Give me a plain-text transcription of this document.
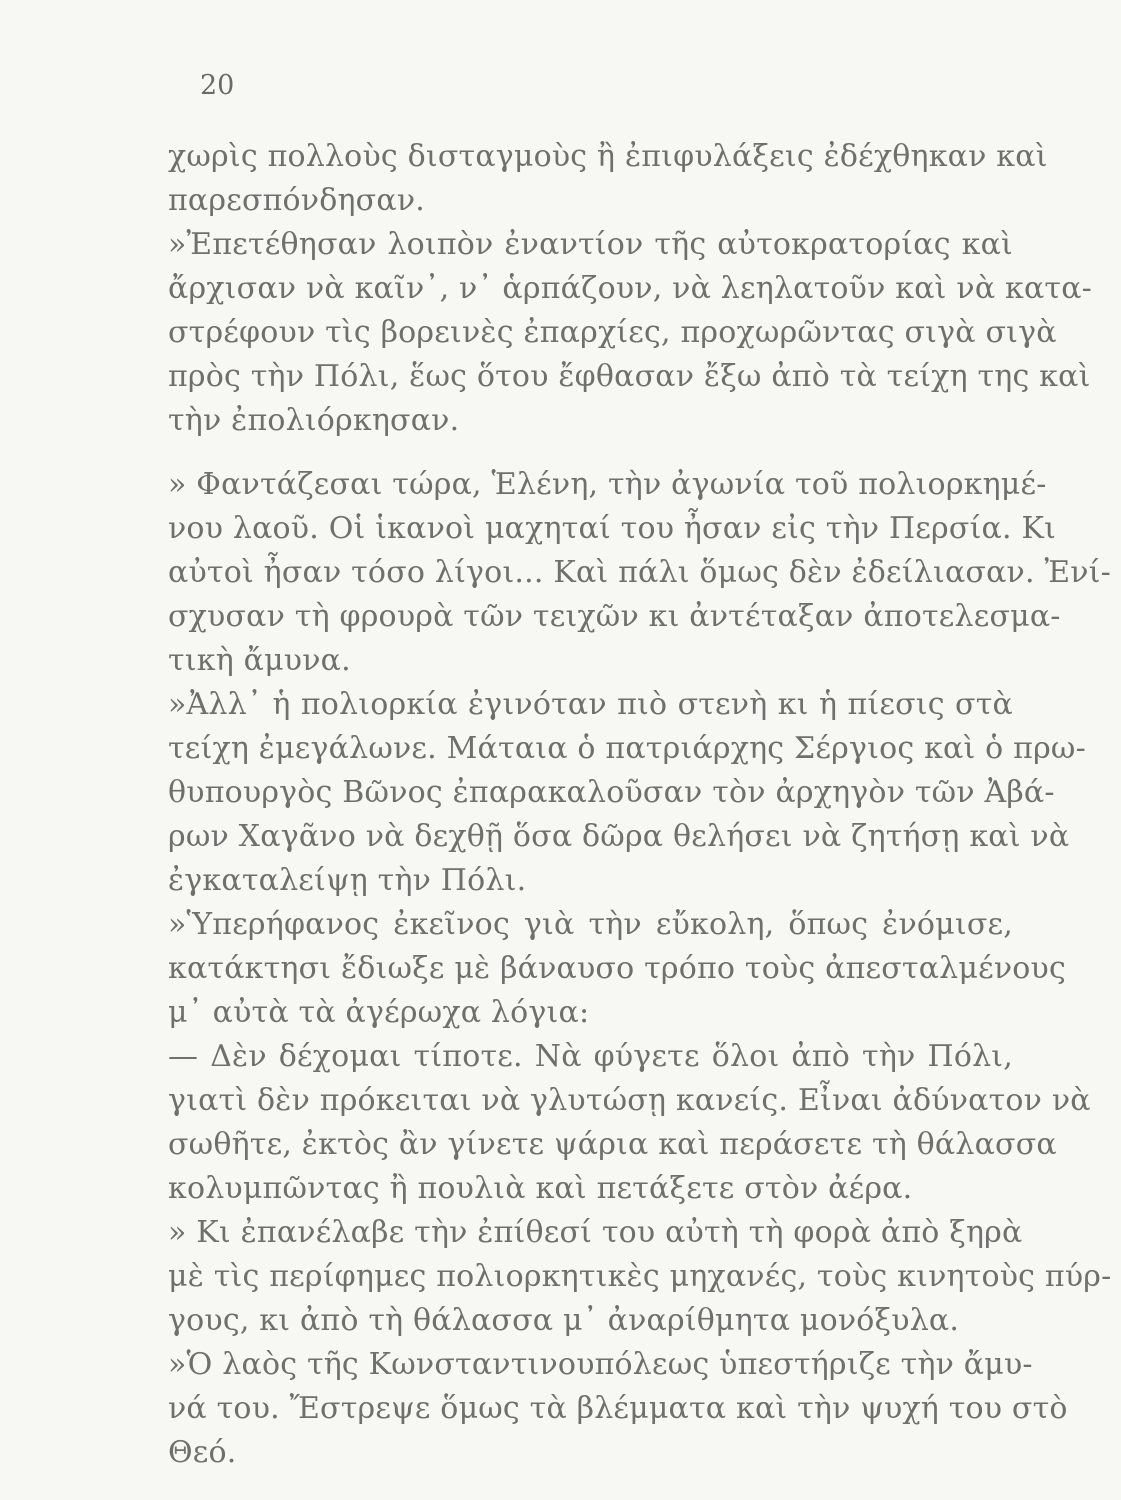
20
χωρὶς πολλοὺς δισταγμοὺς ἢ ἐπιφυλάξεις ἐδέχθηκαν καὶ
παρεσπόνδησαν.
»Ἐπετέθησαν λοιπὸν ἐναντίον τῆς αὐτοκρατορίας καὶ
ἄρχισαν νὰ καῖν᾽, ν᾽ ἁρπάζουν, νὰ λεηλατοῦν καὶ νὰ κατα-
στρέφουν τὶς βορεινὲς ἐπαρχίες, προχωρῶντας σιγὰ σιγὰ
πρὸς τὴν Πόλι, ἕως ὅτου ἔφθασαν ἔξω ἀπὸ τὰ τείχη της καὶ
τὴν ἐπολιόρκησαν.
» Φαντάζεσαι τώρα, Ἑλένη, τὴν ἀγωνία τοῦ πολιορκημέ-
νου λαοῦ. Οἱ ἱκανοὶ μαχηταί του ἦσαν εἰς τὴν Περσία. Κι
αὐτοὶ ἦσαν τόσο λίγοι... Καὶ πάλι ὅμως δὲν ἐδείλιασαν. Ἐνί-
σχυσαν τὴ φρουρὰ τῶν τειχῶν κι ἀντέταξαν ἀποτελεσμα-
τικὴ ἄμυνα.
»Ἀλλ᾽ ἡ πολιορκία ἐγινόταν πιὸ στενὴ κι ἡ πίεσις στὰ
τείχη ἐμεγάλωνε. Μάταια ὁ πατριάρχης Σέργιος καὶ ὁ πρω-
θυπουργὸς Βῶνος ἐπαρακαλοῦσαν τὸν ἀρχηγὸν τῶν Ἀβά-
ρων Χαγᾶνο νὰ δεχθῇ ὅσα δῶρα θελήσει νὰ ζητήσῃ καὶ νὰ
ἐγκαταλείψῃ τὴν Πόλι.
»Ὑπερήφανος ἐκεῖνος γιὰ τὴν εὔκολη, ὅπως ἐνόμισε,
κατάκτησι ἔδιωξε μὲ βάναυσο τρόπο τοὺς ἀπεσταλμένους
μ᾽ αὐτὰ τὰ ἀγέρωχα λόγια:
— Δὲν δέχομαι τίποτε. Νὰ φύγετε ὅλοι ἀπὸ τὴν Πόλι,
γιατὶ δὲν πρόκειται νὰ γλυτώσῃ κανείς. Εἶναι ἀδύνατον νὰ
σωθῆτε, ἐκτὸς ἂν γίνετε ψάρια καὶ περάσετε τὴ θάλασσα
κολυμπῶντας ἢ πουλιὰ καὶ πετάξετε στὸν ἀέρα.
» Κι ἐπανέλαβε τὴν ἐπίθεσί του αὐτὴ τὴ φορὰ ἀπὸ ξηρὰ
μὲ τὶς περίφημες πολιορκητικὲς μηχανές, τοὺς κινητοὺς πύρ-
γους, κι ἀπὸ τὴ θάλασσα μ᾽ ἀναρίθμητα μονόξυλα.
»Ὁ λαὸς τῆς Κωνσταντινουπόλεως ὑπεστήριζε τὴν ἄμυ-
νά του. Ἔστρεψε ὅμως τὰ βλέμματα καὶ τὴν ψυχή του στὸ
Θεό.
